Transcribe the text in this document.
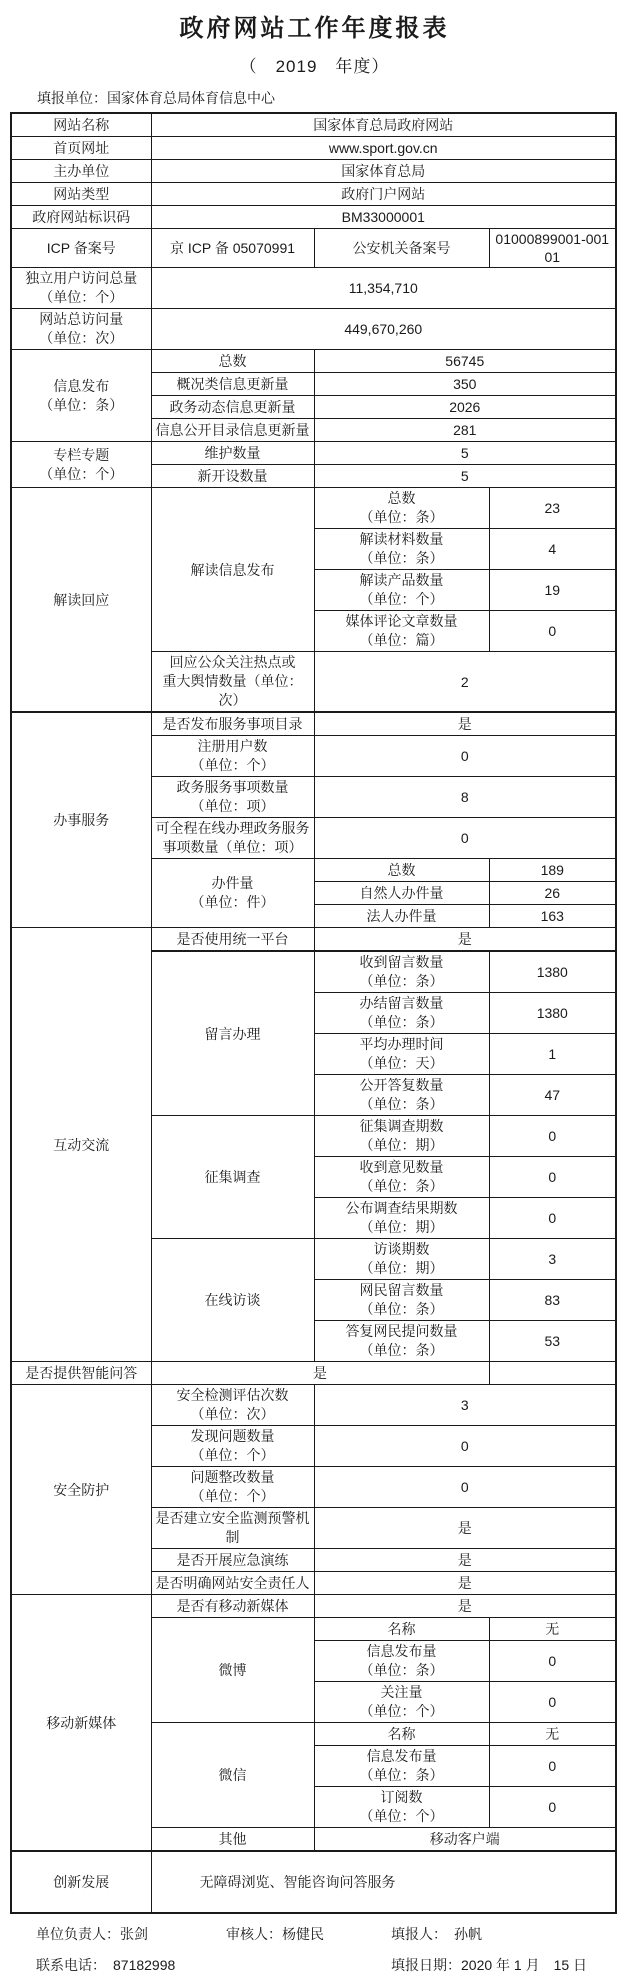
政府网站工作年度报表
（　2019　年度）
填报单位：国家体育总局体育信息中心
网站名称	国家体育总局政府网站		
首页网址	www.sport.gov.cn		
主办单位	国家体育总局		
网站类型	政府门户网站		
政府网站标识码	BM33000001		
ICP 备案号	京 ICP 备 05070991	公安机关备案号	01000899001-00101

独立用户访问总量
（单位：个）	11,354,710		

网站总访问量
（单位：次）	449,670,260		

信息发布
（单位：条）	总数	56745	
	概况类信息更新量	350	
	政务动态信息更新量	2026	
	信息公开目录信息更新量	281	

专栏专题
（单位：个）	维护数量	5	
	新开设数量	5	
解读回应	解读信息发布	总数
（单位：条）	23

		解读材料数量
（单位：条）	4

		解读产品数量
（单位：个）	19

		媒体评论文章数量
（单位：篇）	0

	回应公众关注热点或
重大舆情数量（单位：次）	2	
办事服务	是否发布服务事项目录	是	

	注册用户数
（单位：个）	0	

	政务服务事项数量
（单位：项）	8	

	可全程在线办理政务服务
事项数量（单位：项）	0	

	办件量
（单位：件）	总数	189
		自然人办件量	26
		法人办件量	163
互动交流	是否使用统一平台	是	
	留言办理	收到留言数量
（单位：条）	1380

		办结留言数量
（单位：条）	1380

		平均办理时间
（单位：天）	1

		公开答复数量
（单位：条）	47
	征集调查	征集调查期数
（单位：期）	0

		收到意见数量
（单位：条）	0

		公布调查结果期数
（单位：期）	0
	在线访谈	访谈期数
（单位：期）	3

		网民留言数量
（单位：条）	83

		答复网民提问数量
（单位：条）	53
是否提供智能问答	是		
安全防护	安全检测评估次数
（单位：次）	3	

	发现问题数量
（单位：个）	0	

	问题整改数量
（单位：个）	0	

	是否建立安全监测预警机
制	是	
	是否开展应急演练	是	
	是否明确网站安全责任人	是	
移动新媒体	是否有移动新媒体	是	
	微博	名称	无

		信息发布量
（单位：条）	0

		关注量
（单位：个）	0
	微信	名称	无

		信息发布量
（单位：条）	0

		订阅数
（单位：个）	0
	其他	移动客户端	
创新发展	无障碍浏览、智能咨询问答服务		
单位负责人：张剑	审核人：杨健民	填报人：　孙帆
联系电话：　87182998	填报日期：2020 年 1 月　15 日
